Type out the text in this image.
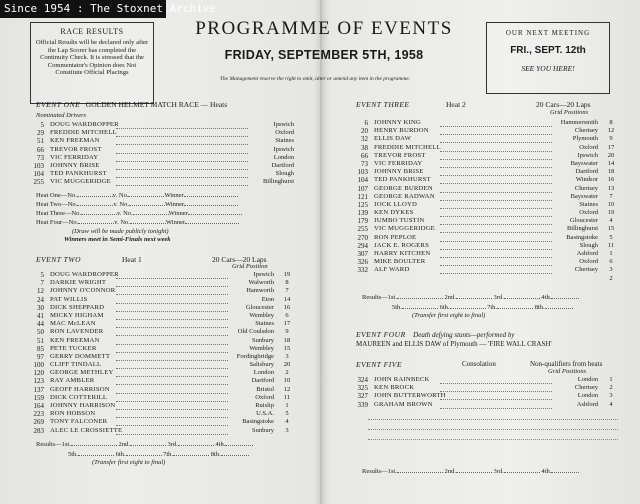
Since 1954 : The Stoxnet Archive
RACE RESULTS
Official Results will be declared only after the Lap Scorer has completed the Continuity Check. It is stressed that the Commentator's Opinion does Not Constitute Official Placings
PROGRAMME OF EVENTS
FRIDAY, SEPTEMBER 5TH, 1958
The Management reserve the right to omit, alter or amend any item in the programme.
OUR NEXT MEETING
FRI., SEPT. 12th
SEE YOU HERE!
EVENT ONE GOLDEN HELMET MATCH RACE — Heats
Nominated Drivers
5 DOUG WARDROPPER	Ipswich
29 FREDDIE MITCHELL	Oxford
51 KEN FREEMAN	Staines
66 TREVOR FROST	Ipswich
73 VIC FERRIDAY	London
103 JOHNNY BRISE	Dartford
104 TED PANKHURST	Slough
255 VIC MUGGERIDGE	Billinghurst
Heat One—No.	v. No.	Winner
Heat Two—No.	v. No.	Winner
Heat Three—No.	v. No.	Winner
Heat Four—No.	v. No.	Winner
(Draw will be made publicly tonight)
Winners meet in Semi-Finals next week
EVENT TWO	Heat 1	20 Cars—20 Laps
Grid Position
5 DOUG WARDROPPER	Ipswich	19
7 DARKIE WRIGHT	Walworth	8
12 JOHNNY O'CONNOR	Hamworth	7
24 PAT WILLIS	Eton	14
30 DICK SHEPPARD	Gloucester	16
41 MICKY HIGHAM	Wembley	6
44 MAC McLEAN	Staines	17
50 RON LAVENDER	Old Coulsdon	9
51 KEN FREEMAN	Sunbury	18
85 PETE TUCKER	Wembley	15
97 GERRY DOMMETT	Fordingbridge	3
100 CLIFF TINDALL	Salisbury	20
120 GEORGE METHLEY	London	2
123 RAY AMBLER	Dartford	10
137 GEOFF HARRISON	Bristol	12
159 DICK COTTERILL	Oxford	11
164 JOHNNY HARRISON	Ruislip	1
223 RON HOBSON	U.S.A.	5
269 TONY FALCONER	Basingstoke	4
283 ALEC LE CROSSIETTE	Sunbury	3
Results—1st.	2nd.	3rd.	4th.
5th.	6th.	7th.	8th.
(Transfer first eight to final)
EVENT THREE	Heat 2	20 Cars—20 Laps
Grid Positions
6 JOHNNY KING	Hammersmith	8
20 HENRY BURDON	Chertsey	12
32 ELLIS DAW	Plymouth	9
38 FREDDIE MITCHELL	Oxford	17
66 TREVOR FROST	Ipswich	20
73 VIC FERRIDAY	Bayswater	14
103 JOHNNY BRISE	Dartford	18
104 TED PANKHURST	Windsor	16
107 GEORGE BURDEN	Chertsey	13
121 GEORGE RADWAN	Bayswater	7
125 JOCK LLOYD	Staines	10
139 KEN DYKES	Oxford	19
179 JUMBO TUSTIN	Gloucester	4
255 VIC MUGGERIDGE	Billinghurst	15
270 RON PEPLOE	Basingstoke	5
294 JACK E. ROGERS	Slough	11
307 HARRY KITCHEN	Ashford	1
326 MIKE BOULTER	Oxford	6
332 ALF WARD	Chertsey	3
2
Results—1st.	2nd.	3rd.	4th.
5th.	6th.	7th.	8th.
(Transfer first eight to final)
EVENT FOUR Death defying stunts—performed by
MAUREEN and ELLIS DAW of Plymouth — 'FIRE WALL CRASH'
EVENT FIVE	Consolation	Non-qualifiers from heats
Grid Positions
324 JOHN RAINBECK	London	1
325 KEN BROCK	Chertsey	2
327 JOHN BUTTERWORTH	London	3
339 GRAHAM BROWN	Ashford	4
Results—1st.	2nd.	3rd.	4th.
